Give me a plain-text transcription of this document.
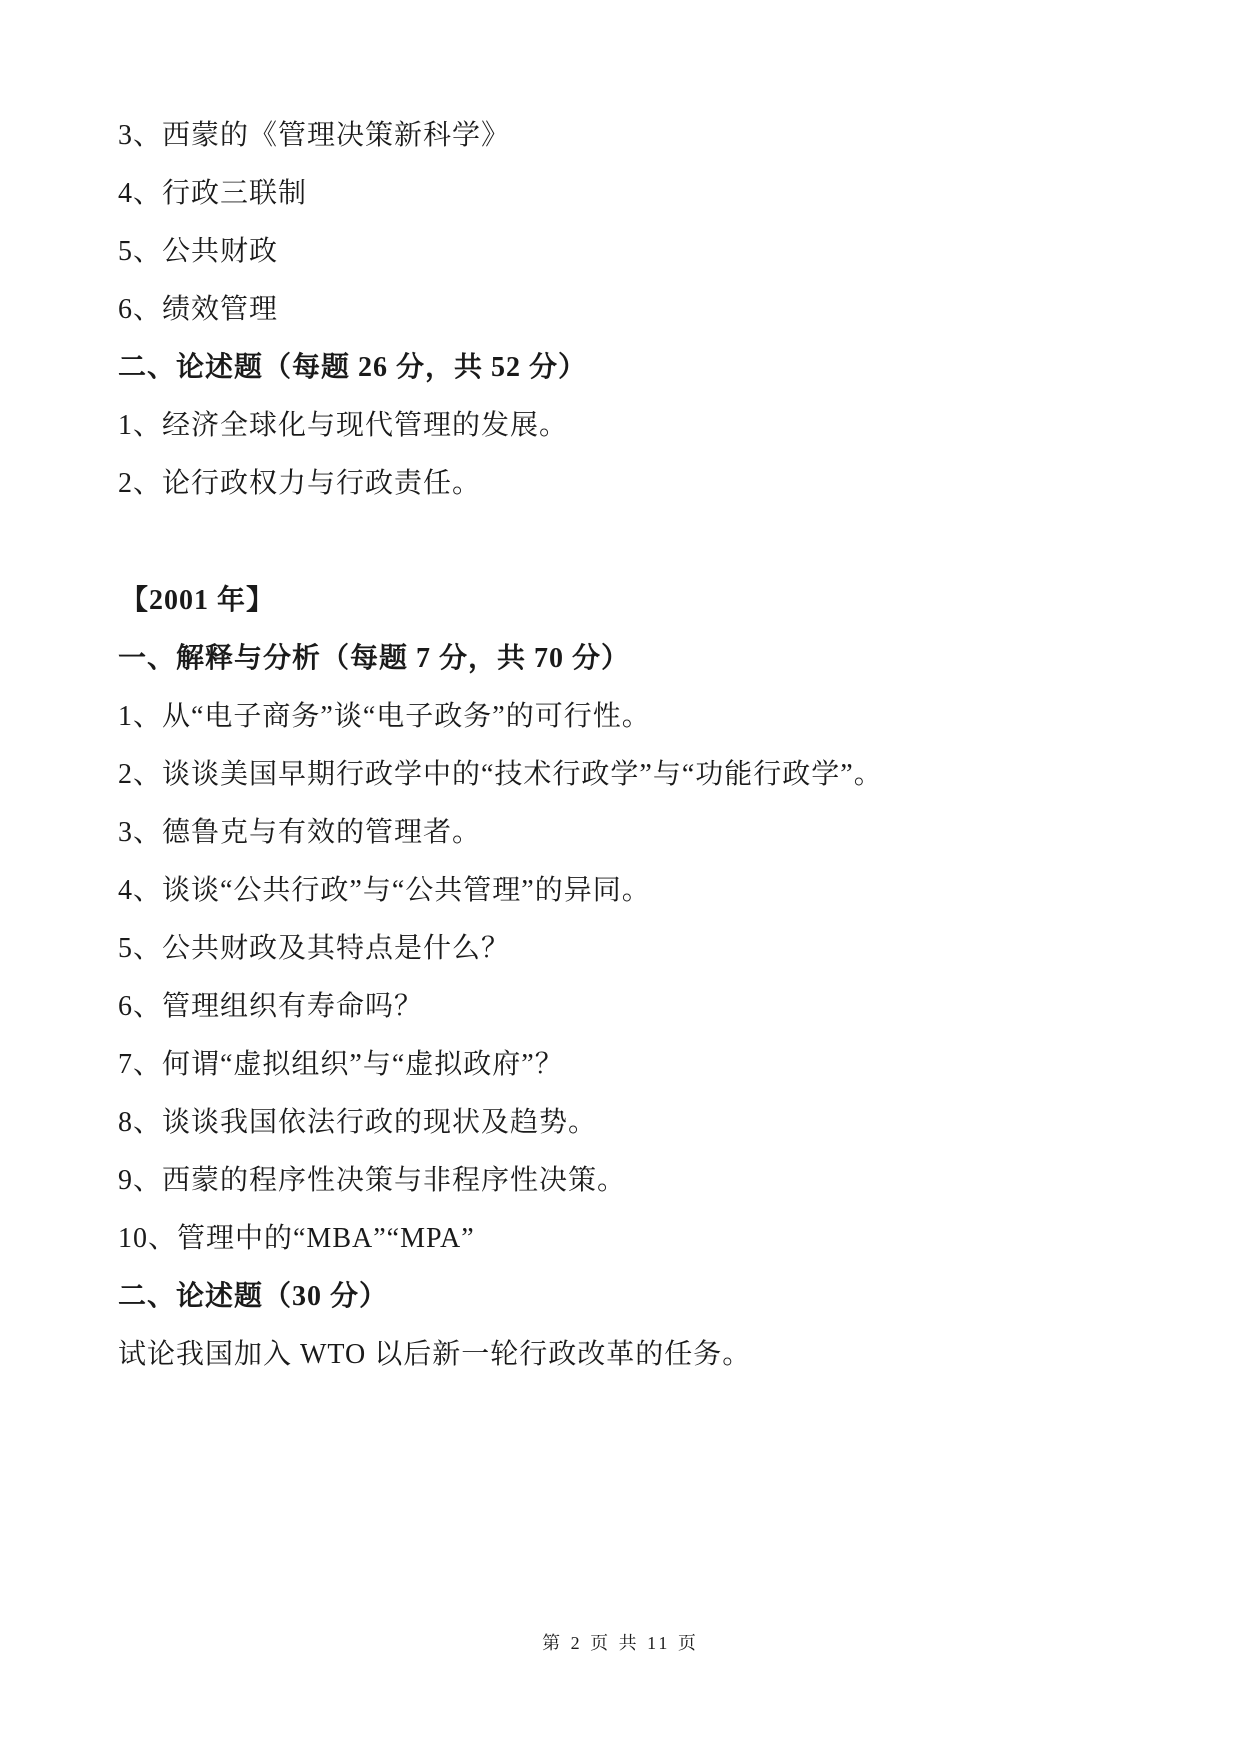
3、西蒙的《管理决策新科学》
4、行政三联制
5、公共财政
6、绩效管理
二、论述题（每题 26 分，共 52 分）
1、经济全球化与现代管理的发展。
2、论行政权力与行政责任。
【2001 年】
一、解释与分析（每题 7 分，共 70 分）
1、从“电子商务”谈“电子政务”的可行性。
2、谈谈美国早期行政学中的“技术行政学”与“功能行政学”。
3、德鲁克与有效的管理者。
4、谈谈“公共行政”与“公共管理”的异同。
5、公共财政及其特点是什么？
6、管理组织有寿命吗？
7、何谓“虚拟组织”与“虚拟政府”？
8、谈谈我国依法行政的现状及趋势。
9、西蒙的程序性决策与非程序性决策。
10、管理中的“MBA”“MPA”
二、论述题（30 分）
试论我国加入 WTO 以后新一轮行政改革的任务。
第 2 页 共 11 页
